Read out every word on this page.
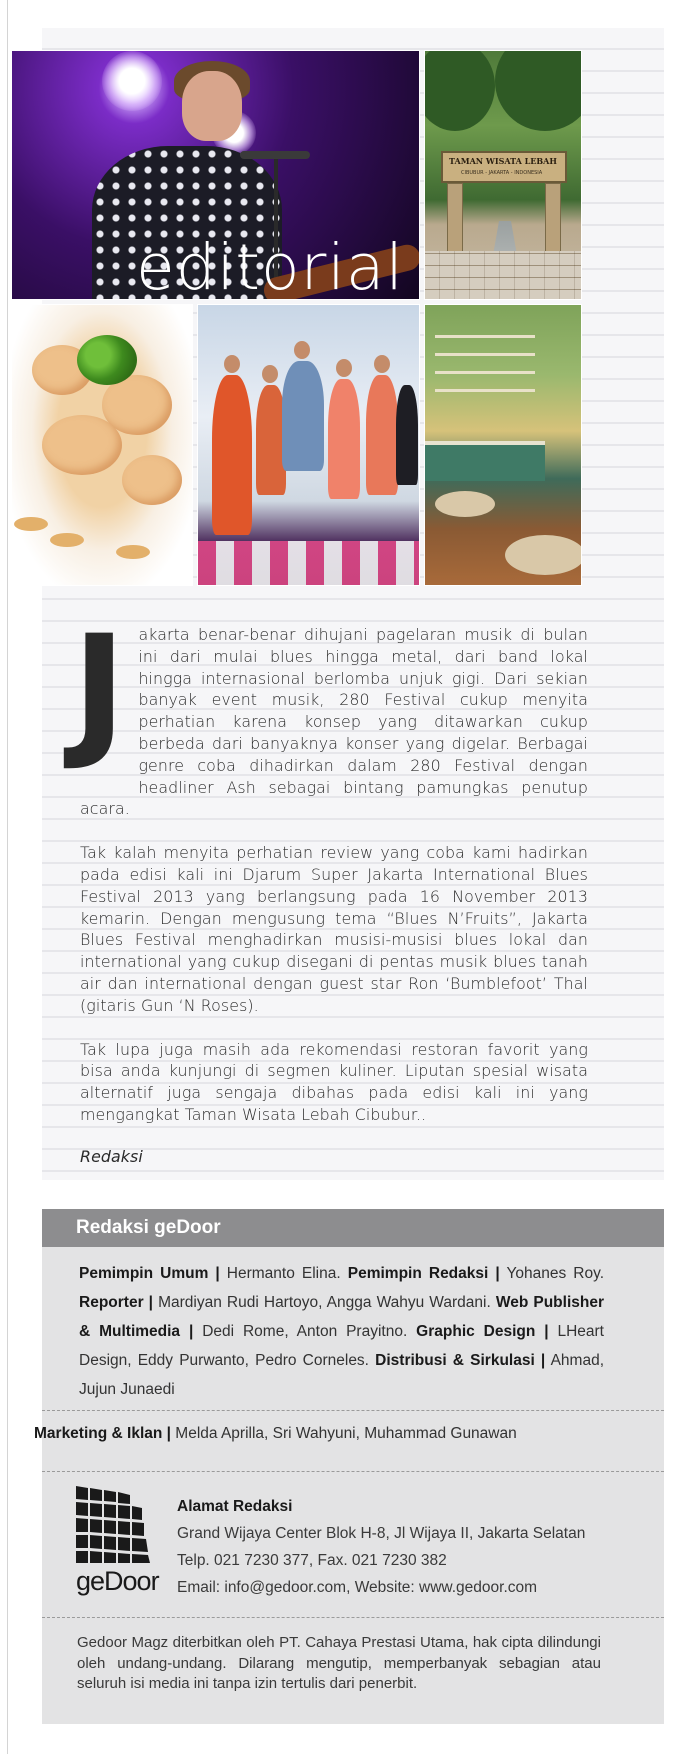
editorial
TAMAN WISATA LEBAH
CIBUBUR - JAKARTA - INDONESIA

Jakarta benar-benar dihujani pagelaran musik di bulan ini dari mulai blues hingga metal, dari band lokal hingga internasional berlomba unjuk gigi. Dari sekian banyak event musik, 280 Festival cukup menyita perhatian karena konsep yang ditawarkan cukup berbeda dari banyaknya konser yang digelar. Berbagai genre coba dihadirkan dalam 280 Festival dengan headliner Ash sebagai bintang pamungkas penutup acara.

Tak kalah menyita perhatian review yang coba kami hadirkan pada edisi kali ini Djarum Super Jakarta International Blues Festival 2013 yang berlangsung pada 16 November 2013 kemarin. Dengan mengusung tema “Blues N’Fruits”, Jakarta Blues Festival menghadirkan musisi-musisi blues lokal dan international yang cukup disegani di pentas musik blues tanah air dan international dengan guest star Ron ‘Bumblefoot’ Thal (gitaris Gun ‘N Roses).

Tak lupa juga masih ada rekomendasi restoran favorit yang bisa anda kunjungi di segmen kuliner. Liputan spesial wisata alternatif juga sengaja dibahas pada edisi kali ini yang mengangkat Taman Wisata Lebah Cibubur..

Redaksi
Redaksi geDoor
Pemimpin Umum | Hermanto Elina. Pemimpin Redaksi | Yohanes Roy. Reporter | Mardiyan Rudi Hartoyo, Angga Wahyu Wardani. Web Publisher & Multimedia | Dedi Rome, Anton Prayitno. Graphic Design | LHeart Design, Eddy Purwanto, Pedro Corneles. Distribusi & Sirkulasi | Ahmad, Jujun Junaedi
Marketing & Iklan | Melda Aprilla, Sri Wahyuni, Muhammad Gunawan
geDoor
Alamat Redaksi
Grand Wijaya Center Blok H-8, Jl Wijaya II, Jakarta Selatan
Telp. 021 7230 377, Fax. 021 7230 382
Email: info@gedoor.com, Website: www.gedoor.com
Gedoor Magz diterbitkan oleh PT. Cahaya Prestasi Utama, hak cipta dilindungi oleh undang-undang. Dilarang mengutip, memperbanyak sebagian atau seluruh isi media ini tanpa izin tertulis dari penerbit.
